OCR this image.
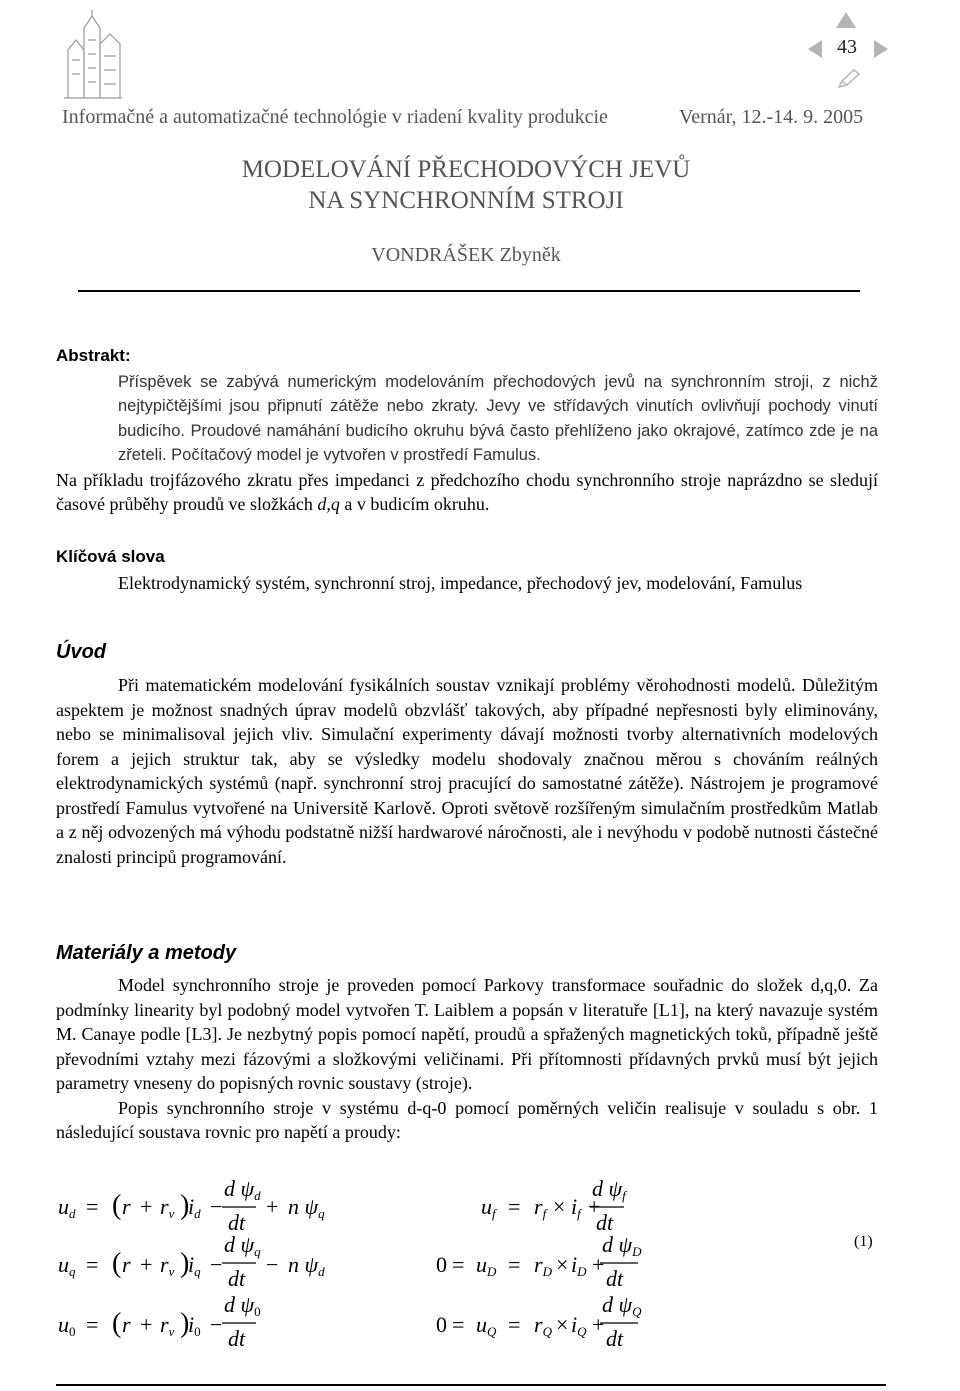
43
Informačné a automatizačné technológie v riadení kvality produkcie	Vernár, 12.-14. 9. 2005
MODELOVÁNÍ PŘECHODOVÝCH JEVŮ
NA SYNCHRONNÍM STROJI
VONDRÁŠEK Zbyněk
Abstrakt:
Příspěvek se zabývá numerickým modelováním přechodových jevů na synchronním stroji, z nichž nejtypičtějšími jsou připnutí zátěže nebo zkraty. Jevy ve střídavých vinutích ovlivňují pochody vinutí budicího. Proudové namáhání budicího okruhu bývá často přehlíženo jako okrajové, zatímco zde je na zřeteli. Počítačový model je vytvořen v prostředí Famulus.
Na příkladu trojfázového zkratu přes impedanci z předchozího chodu synchronního stroje naprázdno se sledují časové průběhy proudů ve složkách d,q a v budicím okruhu.
Klíčová slova
Elektrodynamický systém, synchronní stroj, impedance, přechodový jev, modelování, Famulus
Úvod
Při matematickém modelování fysikálních soustav vznikají problémy věrohodnosti modelů. Důležitým aspektem je možnost snadných úprav modelů obzvlášť takových, aby případné nepřesnosti byly eliminovány, nebo se minimalisoval jejich vliv. Simulační experimenty dávají možnosti tvorby alternativních modelových forem a jejich struktur tak, aby se výsledky modelu shodovaly značnou měrou s chováním reálných elektrodynamických systémů (např. synchronní stroj pracující do samostatné zátěže). Nástrojem je programové prostředí Famulus vytvořené na Universitě Karlově. Oproti světově rozšířeným simulačním prostředkům Matlab a z něj odvozených má výhodu podstatně nižší hardwarové náročnosti, ale i nevýhodu v podobě nutnosti částečné znalosti principů programování.
Materiály a metody
Model synchronního stroje je proveden pomocí Parkovy transformace souřadnic do složek d,q,0. Za podmínky linearity byl podobný model vytvořen T. Laiblem a popsán v literatuře [L1], na který navazuje systém M. Canaye podle [L3]. Je nezbytný popis pomocí napětí, proudů a spřažených magnetických toků, případně ještě převodními vztahy mezi fázovými a složkovými veličinami. Při přítomnosti přídavných prvků musí být jejich parametry vneseny do popisných rovnic soustavy (stroje).
Popis synchronního stroje v systému d-q-0 pomocí poměrných veličin realisuje v souladu s obr. 1 následující soustava rovnic pro napětí a proudy:
ud = ( r + rv )
id −
d ψd
dt
+ n ψq
uq = ( r + rv )
iq −
d ψq
dt
− n ψd
u0 = ( r + rv )
i0 −
d ψ0
dt
uf = rf × if +
d ψf
dt
0 = uD = rD × iD +
d ψD
dt
0 = uQ = rQ × iQ +
d ψQ
dt
(1)
